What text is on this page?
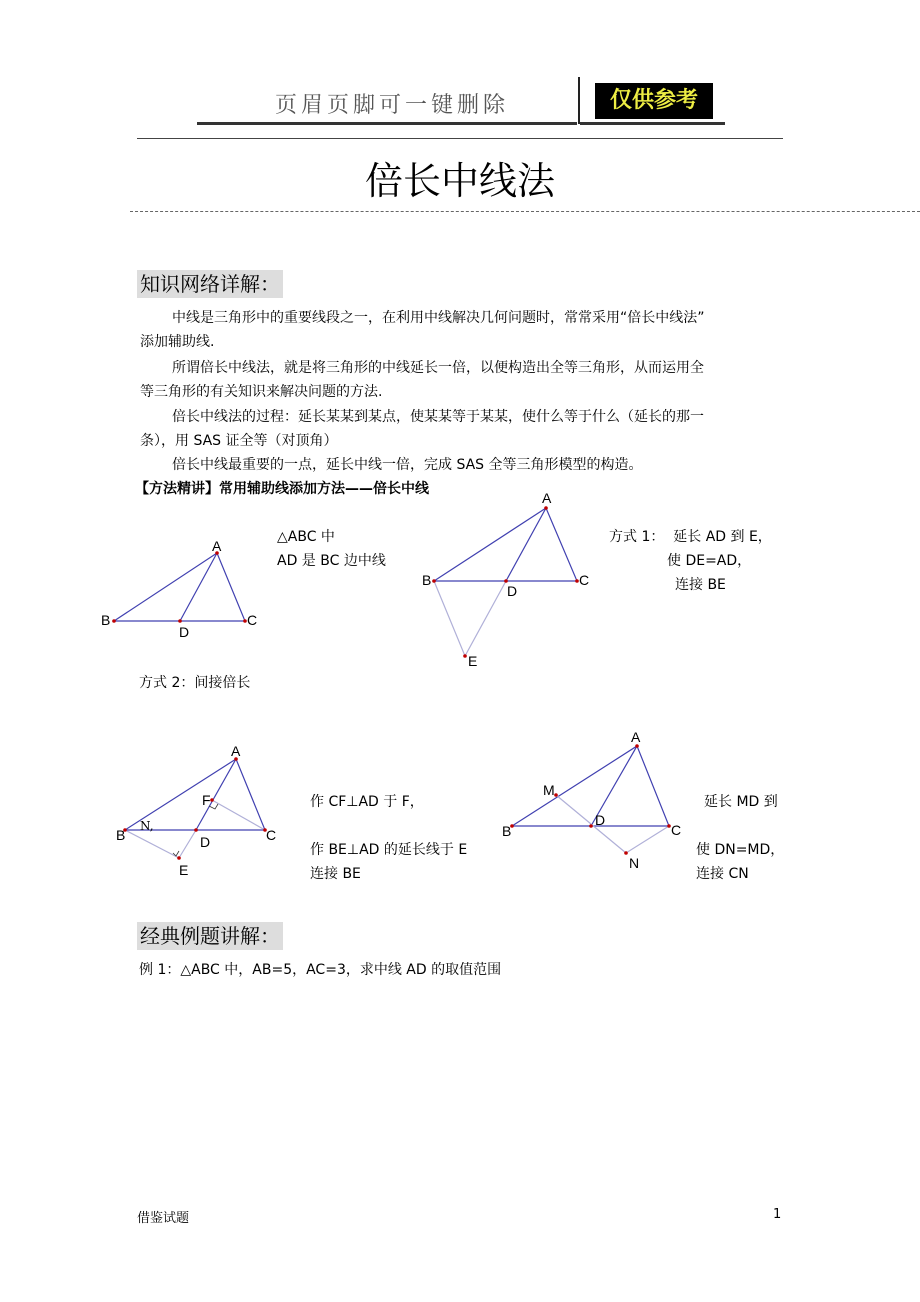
页眉页脚可一键删除	仅供参考
倍长中线法
知识网络详解：
中线是三角形中的重要线段之一，在利用中线解决几何问题时，常常采用“倍长中线法”
添加辅助线.
所谓倍长中线法，就是将三角形的中线延长一倍，以便构造出全等三角形，从而运用全
等三角形的有关知识来解决问题的方法.
倍长中线法的过程：延长某某到某点，使某某等于某某，使什么等于什么（延长的那一
条），用 SAS 证全等（对顶角）
倍长中线最重要的一点，延长中线一倍，完成 SAS 全等三角形模型的构造。
【方法精讲】常用辅助线添加方法——倍长中线
A
B
D
C
A
B
D
C
E
A
B	D	C
F
E
N,
A
M
B
D
C
N
△ABC 中
AD 是 BC 边中线
方式 1：  延长 AD 到 E，
使 DE=AD，
连接 BE
方式 2：间接倍长
作 CF⊥AD 于 F，
作 BE⊥AD 的延长线于 E
连接 BE
延长 MD 到
使 DN=MD，
连接 CN
经典例题讲解：
例 1：△ABC 中，AB=5，AC=3，求中线 AD 的取值范围
借鉴试题	1
